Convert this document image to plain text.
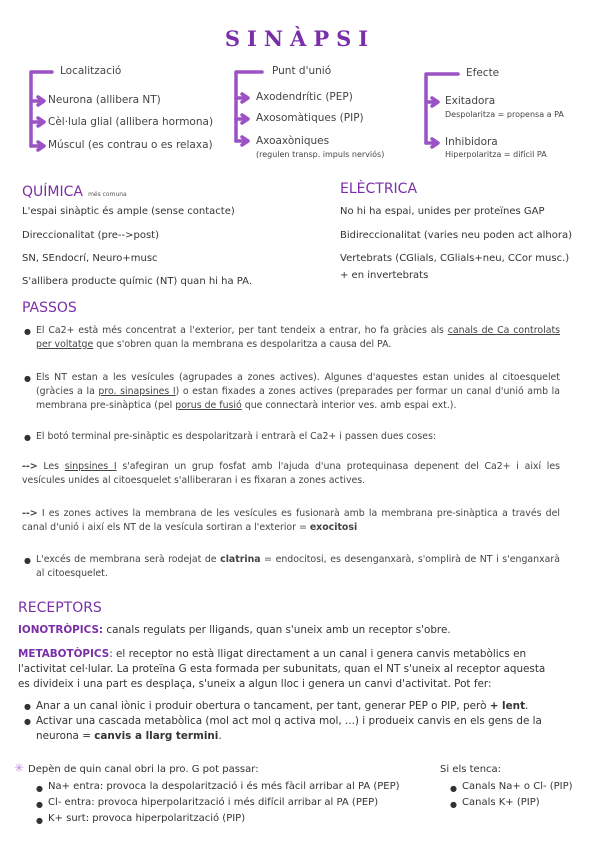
SINÀPSI
Localització
Neurona (allibera NT)
Cèl·lula glial (allibera hormona)
Múscul (es contrau o es relaxa)
Punt d'unió
Axodendrític (PEP)
Axosomàtiques (PIP)
Axoaxòniques
(regulen transp. impuls nerviós)
Efecte
Exitadora
Despolaritza = propensa a PA
Inhibidora
Hiperpolaritza = difícil PA
QUÍMICA més comuna
L'espai sinàptic és ample (sense contacte)
Direccionalitat (pre-->post)
SN, SEndocrí, Neuro+musc
S'allibera producte químic (NT) quan hi ha PA.
ELÈCTRICA
No hi ha espai, unides per proteïnes GAP
Bidireccionalitat (varies neu poden act alhora)
Vertebrats (CGlials, CGlials+neu, CCor musc.)
+ en invertebrats
PASSOS
● El Ca2+ està més concentrat a l'exterior, per tant tendeix a entrar, ho fa gràcies als canals de Ca controlats per voltatge que s'obren quan la membrana es despolaritza a causa del PA.
● Els NT estan a les vesícules (agrupades a zones actives). Algunes d'aquestes estan unides al citoesquelet (gràcies a la pro. sinapsines I) o estan fixades a zones actives (preparades per formar un canal d'unió amb la membrana pre-sinàptica (pel porus de fusió que connectarà interior ves. amb espai ext.).
● El botó terminal pre-sinàptic es despolaritzarà i entrarà el Ca2+ i passen dues coses:
--> Les sinpsines I s'afegiran un grup fosfat amb l'ajuda d'una protequinasa depenent del Ca2+ i així les vesícules unides al citoesquelet s'alliberaran i es fixaran a zones actives.
--> I es zones actives la membrana de les vesícules es fusionarà amb la membrana pre-sinàptica a través del canal d'unió i així els NT de la vesícula sortiran a l'exterior = exocitosi
● L'excés de membrana serà rodejat de clatrina = endocitosi, es desenganxarà, s'omplirà de NT i s'enganxarà al citoesquelet.
RECEPTORS
IONOTRÒPICS: canals regulats per lligands, quan s'uneix amb un receptor s'obre.
METABOTÒPICS: el receptor no està lligat directament a un canal i genera canvis metabòlics en l'activitat cel·lular. La proteïna G esta formada per subunitats, quan el NT s'uneix al receptor aquesta es divideix i una part es desplaça, s'uneix a algun lloc i genera un canvi d'activitat. Pot fer:
● Anar a un canal iònic i produir obertura o tancament, per tant, generar PEP o PIP, però + lent.
● Activar una cascada metabòlica (mol act mol q activa mol, ...) i produeix canvis en els gens de la neurona = canvis a llarg termini.
✳ Depèn de quin canal obri la pro. G pot passar:
● Na+ entra: provoca la despolarització i és més fàcil arribar al PA (PEP)
● Cl- entra: provoca hiperpolarització i més difícil arribar al PA (PEP)
● K+ surt: provoca hiperpolarització (PIP)
Si els tenca:
● Canals Na+ o Cl- (PIP)
● Canals K+ (PIP)
